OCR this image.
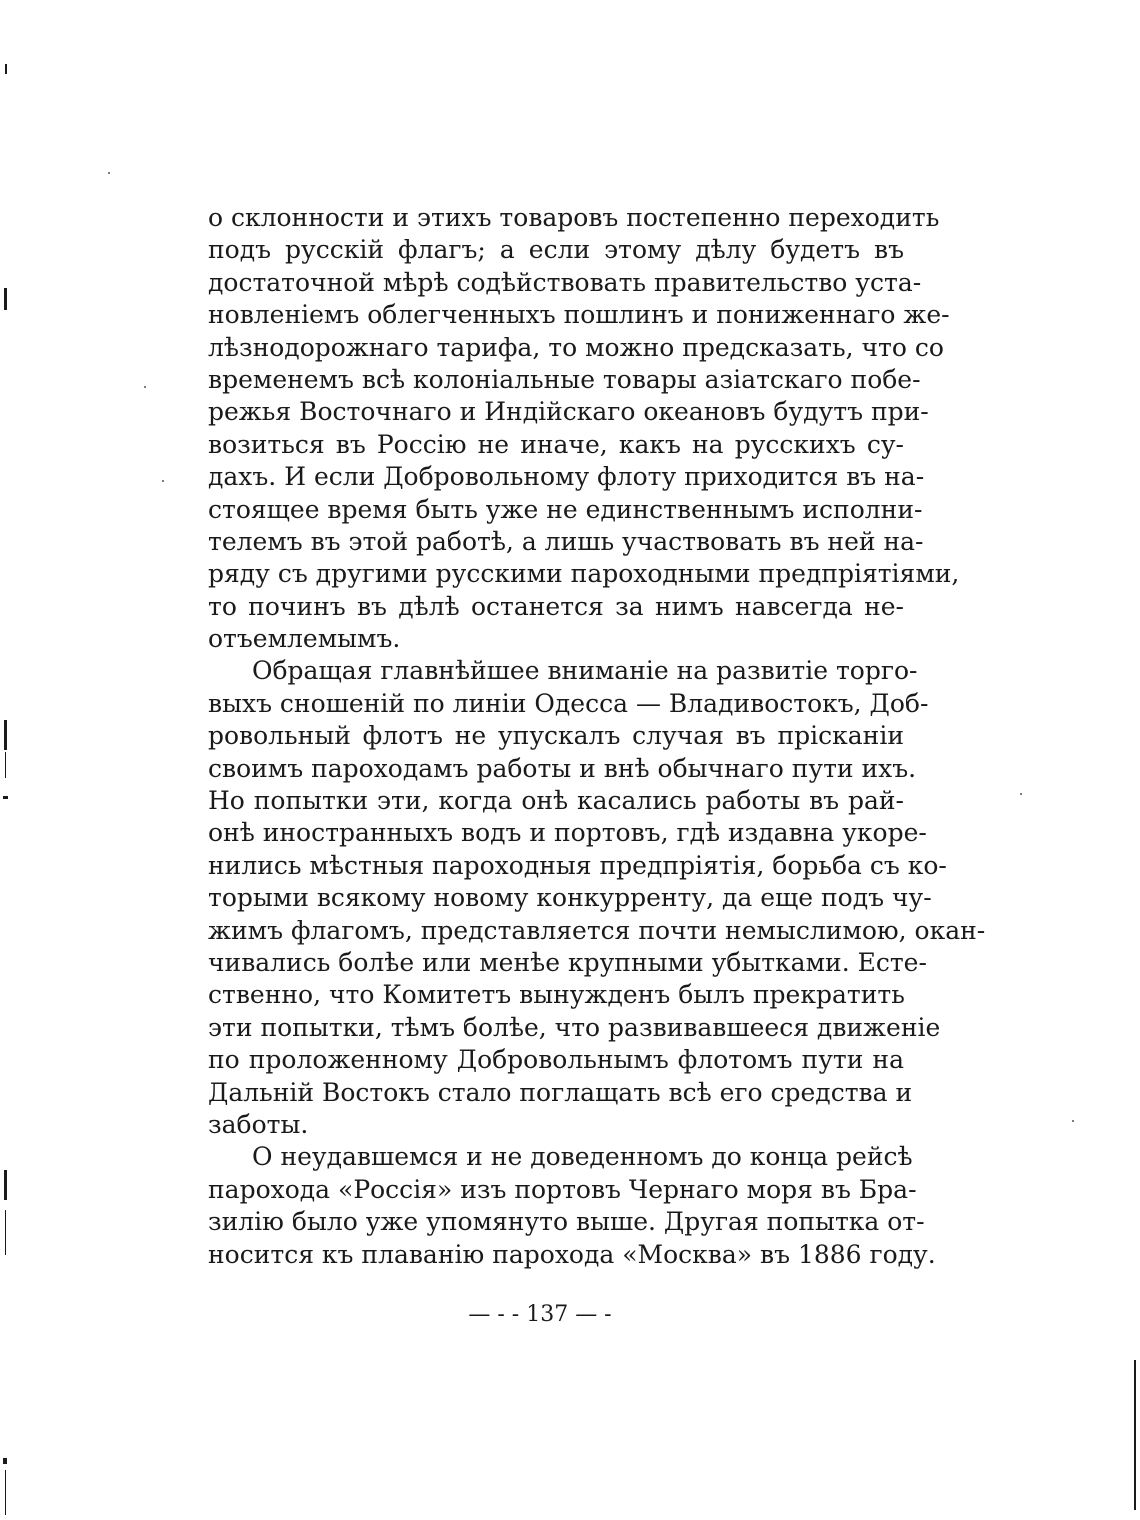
о склонности и этихъ товаровъ постепенно переходить
подъ русскій флагъ; а если этому дѣлу будетъ въ
достаточной мѣрѣ содѣйствовать правительство уста-
новленіемъ облегченныхъ пошлинъ и пониженнаго же-
лѣзнодорожнаго тарифа, то можно предсказать, что со
временемъ всѣ колоніальные товары азіатскаго побе-
режья Восточнаго и Индійскаго океановъ будутъ при-
возиться въ Россію не иначе, какъ на русскихъ су-
дахъ. И если Добровольному флоту приходится въ на-
стоящее время быть уже не единственнымъ исполни-
телемъ въ этой работѣ, а лишь участвовать въ ней на-
ряду съ другими русскими пароходными предпріятіями,
то починъ въ дѣлѣ останется за нимъ навсегда не-
отъемлемымъ.
Обращая главнѣйшее вниманіе на развитіе торго-
выхъ сношеній по линіи Одесса — Владивостокъ, Доб-
ровольный флотъ не упускалъ случая въ прісканіи
своимъ пароходамъ работы и внѣ обычнаго пути ихъ.
Но попытки эти, когда онѣ касались работы въ рай-
онѣ иностранныхъ водъ и портовъ, гдѣ издавна укоре-
нились мѣстныя пароходныя предпріятія, борьба съ ко-
торыми всякому новому конкурренту, да еще подъ чу-
жимъ флагомъ, представляется почти немыслимою, окан-
чивались болѣе или менѣе крупными убытками. Есте-
ственно, что Комитетъ вынужденъ былъ прекратить
эти попытки, тѣмъ болѣе, что развивавшееся движеніе
по проложенному Добровольнымъ флотомъ пути на
Дальній Востокъ стало поглащать всѣ его средства и
заботы.
О неудавшемся и не доведенномъ до конца рейсѣ
парохода «Россія» изъ портовъ Чернаго моря въ Бра-
зилію было уже упомянуто выше. Другая попытка от-
носится къ плаванію парохода «Москва» въ 1886 году.
— - - 137 — -
